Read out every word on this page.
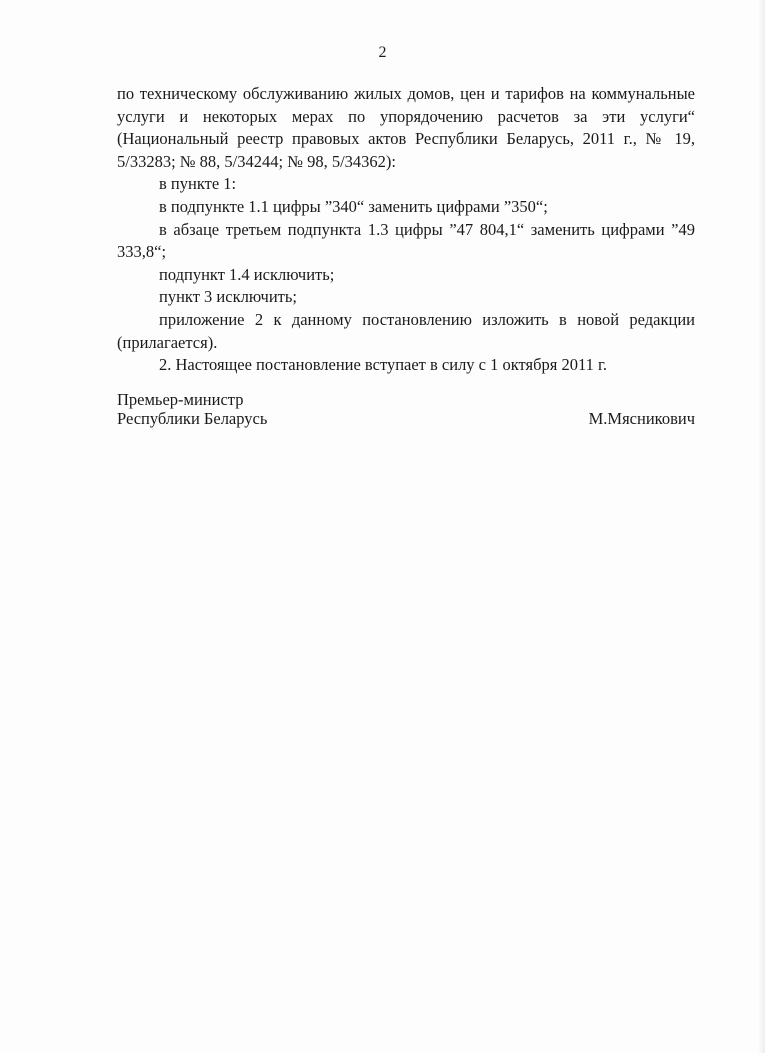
2

по техническому обслуживанию жилых домов, цен и тарифов на коммунальные услуги и некоторых мерах по упорядочению расчетов за эти услуги“ (Национальный реестр правовых актов Республики Беларусь, 2011 г., № 19, 5/33283; № 88, 5/34244; № 98, 5/34362):

в пункте 1:

в подпункте 1.1 цифры ”340“ заменить цифрами ”350“;

в абзаце третьем подпункта 1.3 цифры ”47 804,1“ заменить цифрами ”49 333,8“;

подпункт 1.4 исключить;

пункт 3 исключить;

приложение 2 к данному постановлению изложить в новой редакции (прилагается).

2. Настоящее постановление вступает в силу с 1 октября 2011 г.

Премьер-министр
Республики Беларусь	М.Мясникович
